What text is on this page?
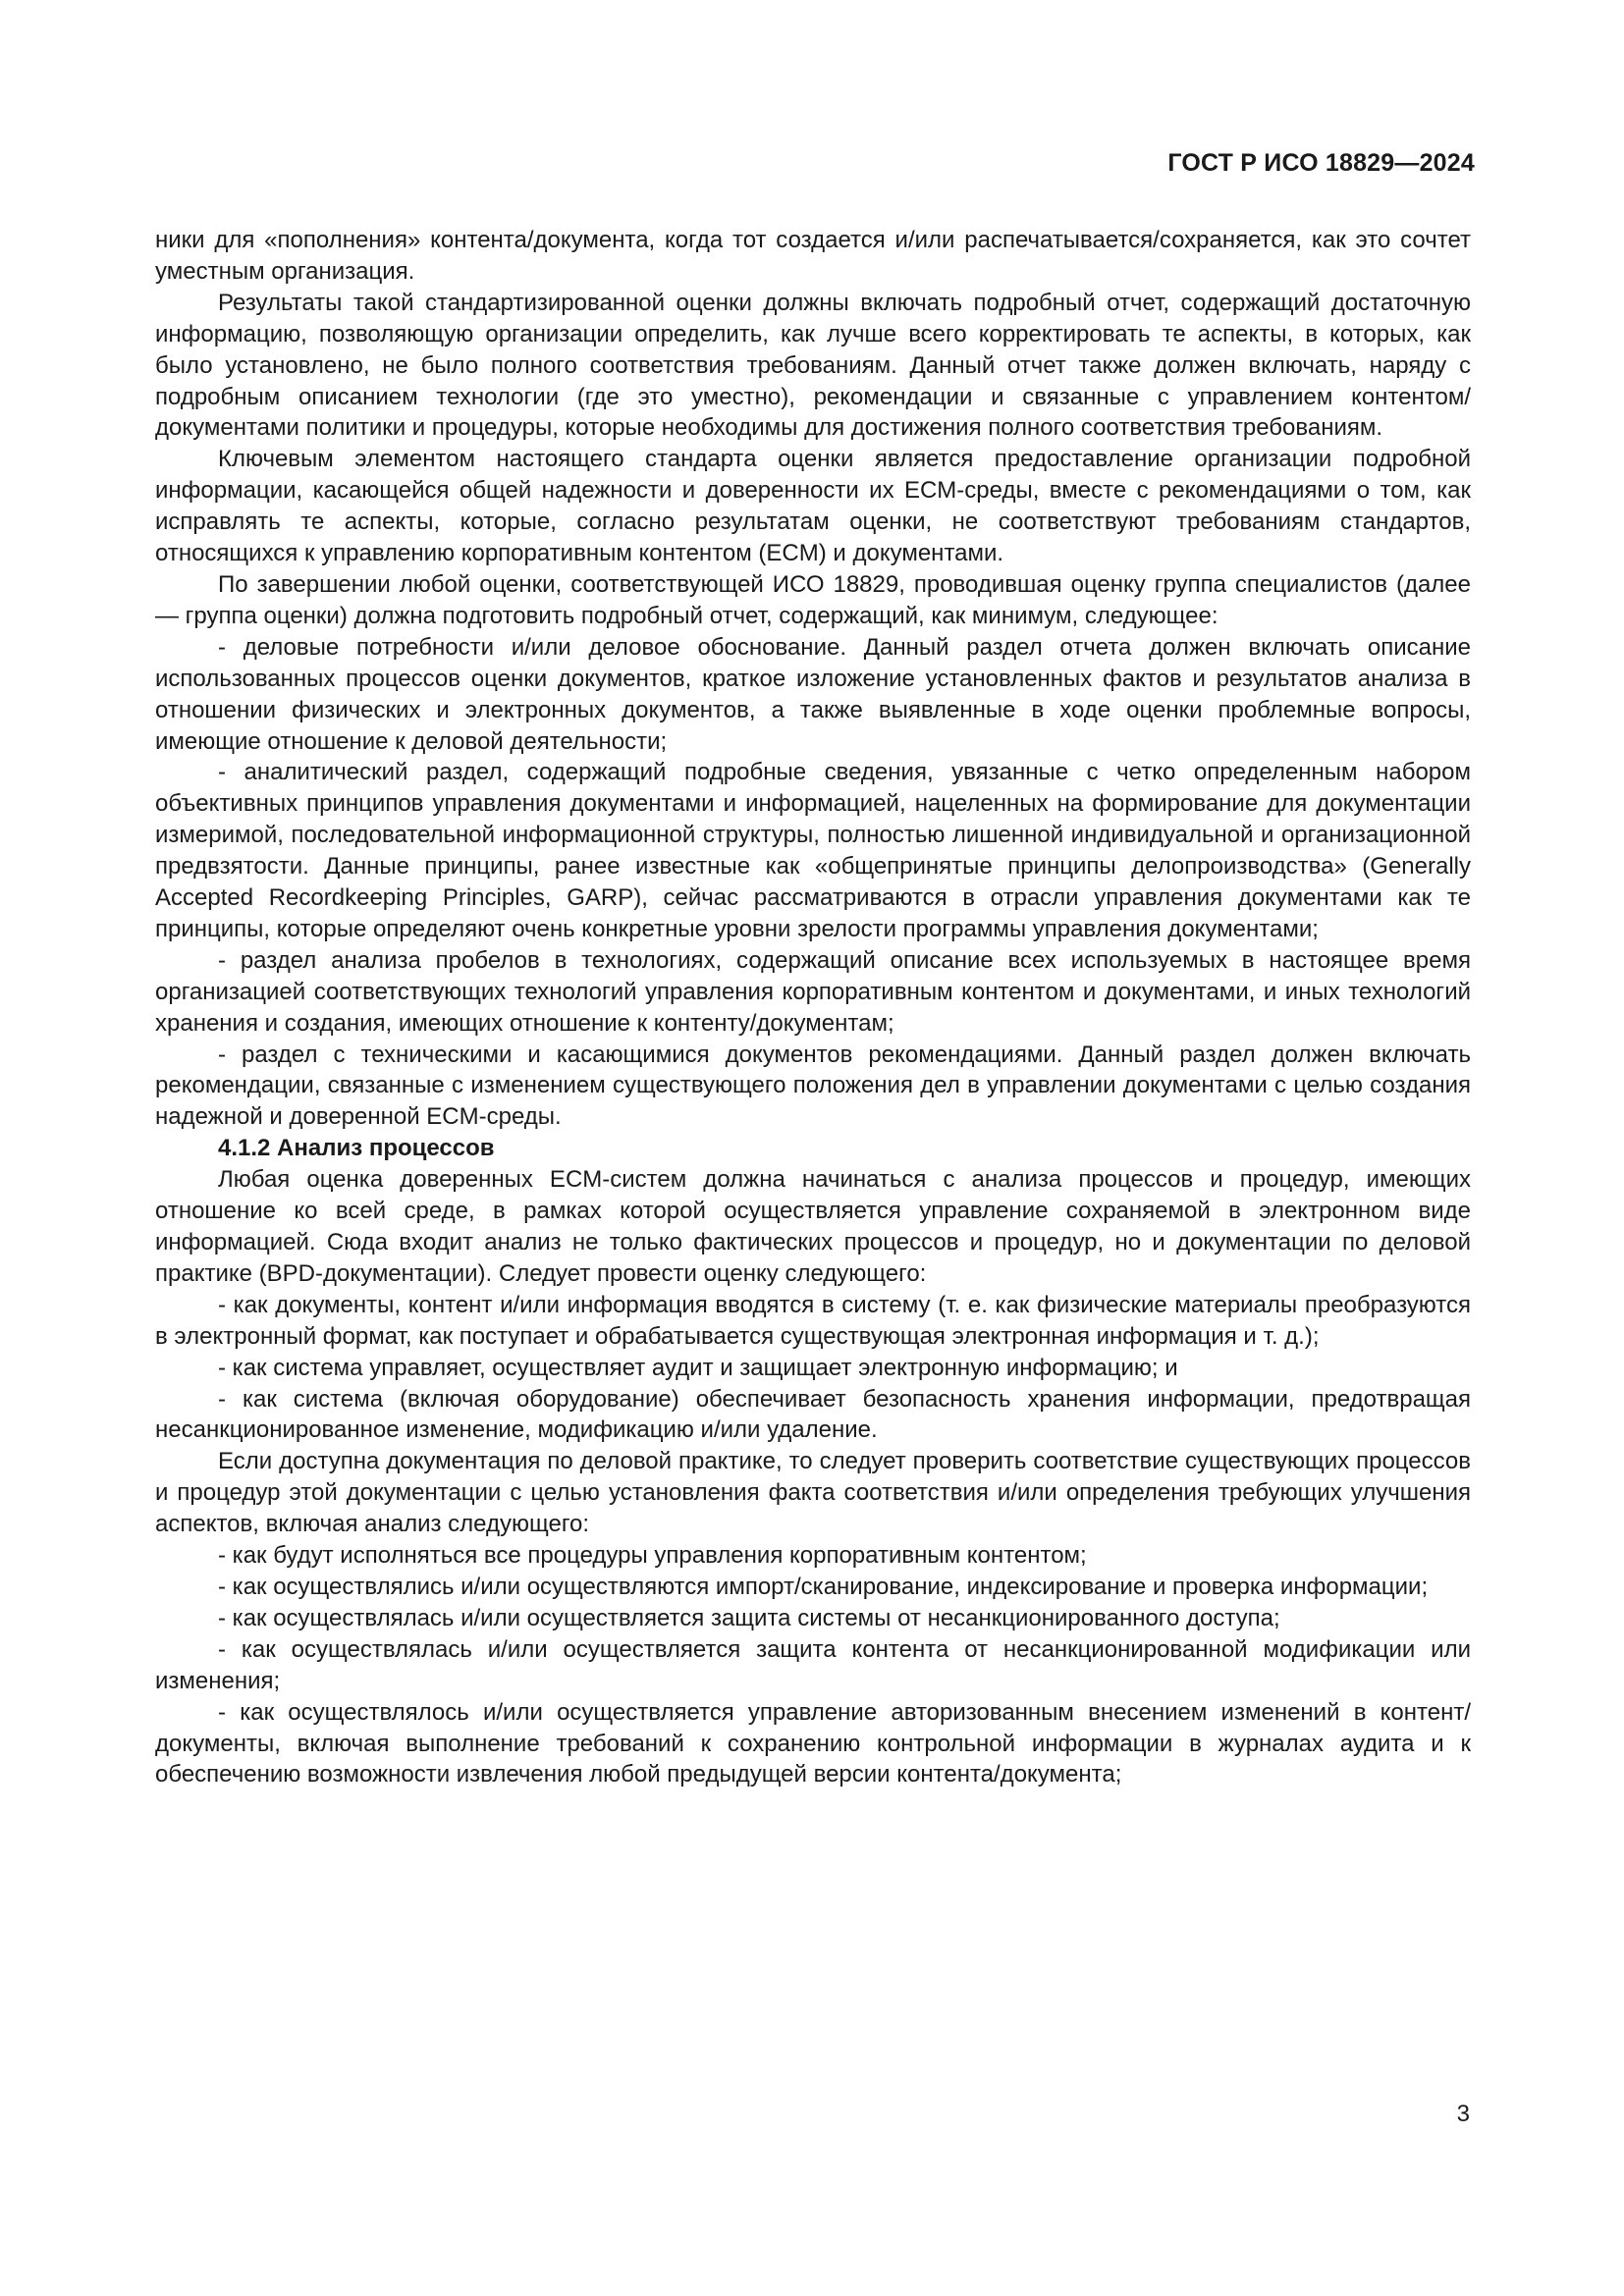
ГОСТ Р ИСО 18829—2024

ники для «пополнения» контента/документа, когда тот создается и/или распечатывается/сохраняется, как это сочтет уместным организация.

Результаты такой стандартизированной оценки должны включать подробный отчет, содержащий достаточную информацию, позволяющую организации определить, как лучше всего корректировать те аспекты, в которых, как было установлено, не было полного соответствия требованиям. Данный отчет также должен включать, наряду с подробным описанием технологии (где это уместно), рекомендации и связанные с управлением контентом/документами политики и процедуры, которые необходимы для достижения полного соответствия требованиям.

Ключевым элементом настоящего стандарта оценки является предоставление организации подробной информации, касающейся общей надежности и доверенности их ECM-среды, вместе с рекомендациями о том, как исправлять те аспекты, которые, согласно результатам оценки, не соответствуют требованиям стандартов, относящихся к управлению корпоративным контентом (ECM) и документами.

По завершении любой оценки, соответствующей ИСО 18829, проводившая оценку группа специалистов (далее — группа оценки) должна подготовить подробный отчет, содержащий, как минимум, следующее:

- деловые потребности и/или деловое обоснование. Данный раздел отчета должен включать описание использованных процессов оценки документов, краткое изложение установленных фактов и результатов анализа в отношении физических и электронных документов, а также выявленные в ходе оценки проблемные вопросы, имеющие отношение к деловой деятельности;

- аналитический раздел, содержащий подробные сведения, увязанные с четко определенным набором объективных принципов управления документами и информацией, нацеленных на формирование для документации измеримой, последовательной информационной структуры, полностью лишенной индивидуальной и организационной предвзятости. Данные принципы, ранее известные как «общепринятые принципы делопроизводства» (Generally Accepted Recordkeeping Principles, GARP), сейчас рассматриваются в отрасли управления документами как те принципы, которые определяют очень конкретные уровни зрелости программы управления документами;

- раздел анализа пробелов в технологиях, содержащий описание всех используемых в настоящее время организацией соответствующих технологий управления корпоративным контентом и документами, и иных технологий хранения и создания, имеющих отношение к контенту/документам;

- раздел с техническими и касающимися документов рекомендациями. Данный раздел должен включать рекомендации, связанные с изменением существующего положения дел в управлении документами с целью создания надежной и доверенной ECM-среды.

4.1.2 Анализ процессов

Любая оценка доверенных ECM-систем должна начинаться с анализа процессов и процедур, имеющих отношение ко всей среде, в рамках которой осуществляется управление сохраняемой в электронном виде информацией. Сюда входит анализ не только фактических процессов и процедур, но и документации по деловой практике (BPD-документации). Следует провести оценку следующего:

- как документы, контент и/или информация вводятся в систему (т. е. как физические материалы преобразуются в электронный формат, как поступает и обрабатывается существующая электронная информация и т. д.);

- как система управляет, осуществляет аудит и защищает электронную информацию; и

- как система (включая оборудование) обеспечивает безопасность хранения информации, предотвращая несанкционированное изменение, модификацию и/или удаление.

Если доступна документация по деловой практике, то следует проверить соответствие существующих процессов и процедур этой документации с целью установления факта соответствия и/или определения требующих улучшения аспектов, включая анализ следующего:

- как будут исполняться все процедуры управления корпоративным контентом;

- как осуществлялись и/или осуществляются импорт/сканирование, индексирование и проверка информации;

- как осуществлялась и/или осуществляется защита системы от несанкционированного доступа;

- как осуществлялась и/или осуществляется защита контента от несанкционированной модификации или изменения;

- как осуществлялось и/или осуществляется управление авторизованным внесением изменений в контент/документы, включая выполнение требований к сохранению контрольной информации в журналах аудита и к обеспечению возможности извлечения любой предыдущей версии контента/документа;

3
